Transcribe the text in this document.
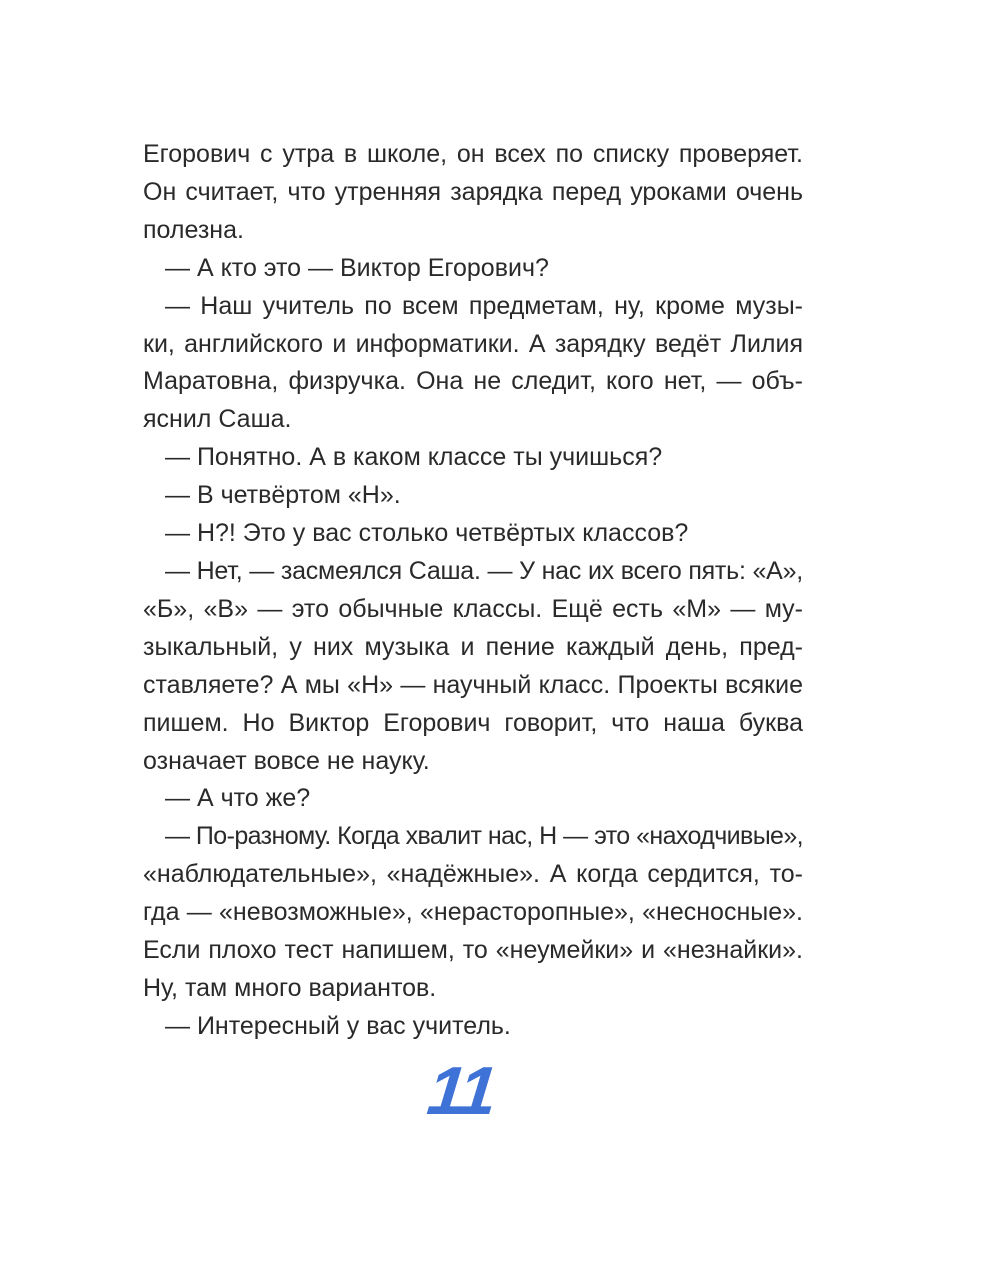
Егорович с утра в школе, он всех по списку проверяет.
Он считает, что утренняя зарядка перед уроками очень
полезна.
— А кто это — Виктор Егорович?
— Наш учитель по всем предметам, ну, кроме музы-
ки, английского и информатики. А зарядку ведёт Лилия
Маратовна, физручка. Она не следит, кого нет, — объ-
яснил Саша.
— Понятно. А в каком классе ты учишься?
— В четвёртом «Н».
— Н?! Это у вас столько четвёртых классов?
— Нет, — засмеялся Саша. — У нас их всего пять: «А»,
«Б», «В» — это обычные классы. Ещё есть «М» — му-
зыкальный, у них музыка и пение каждый день, пред-
ставляете? А мы «Н» — научный класс. Проекты всякие
пишем. Но Виктор Егорович говорит, что наша буква
означает вовсе не науку.
— А что же?
— По-разному. Когда хвалит нас, Н — это «находчивые»,
«наблюдательные», «надёжные». А когда сердится, то-
гда — «невозможные», «нерасторопные», «несносные».
Если плохо тест напишем, то «неумейки» и «незнайки».
Ну, там много вариантов.
— Интересный у вас учитель.
11
